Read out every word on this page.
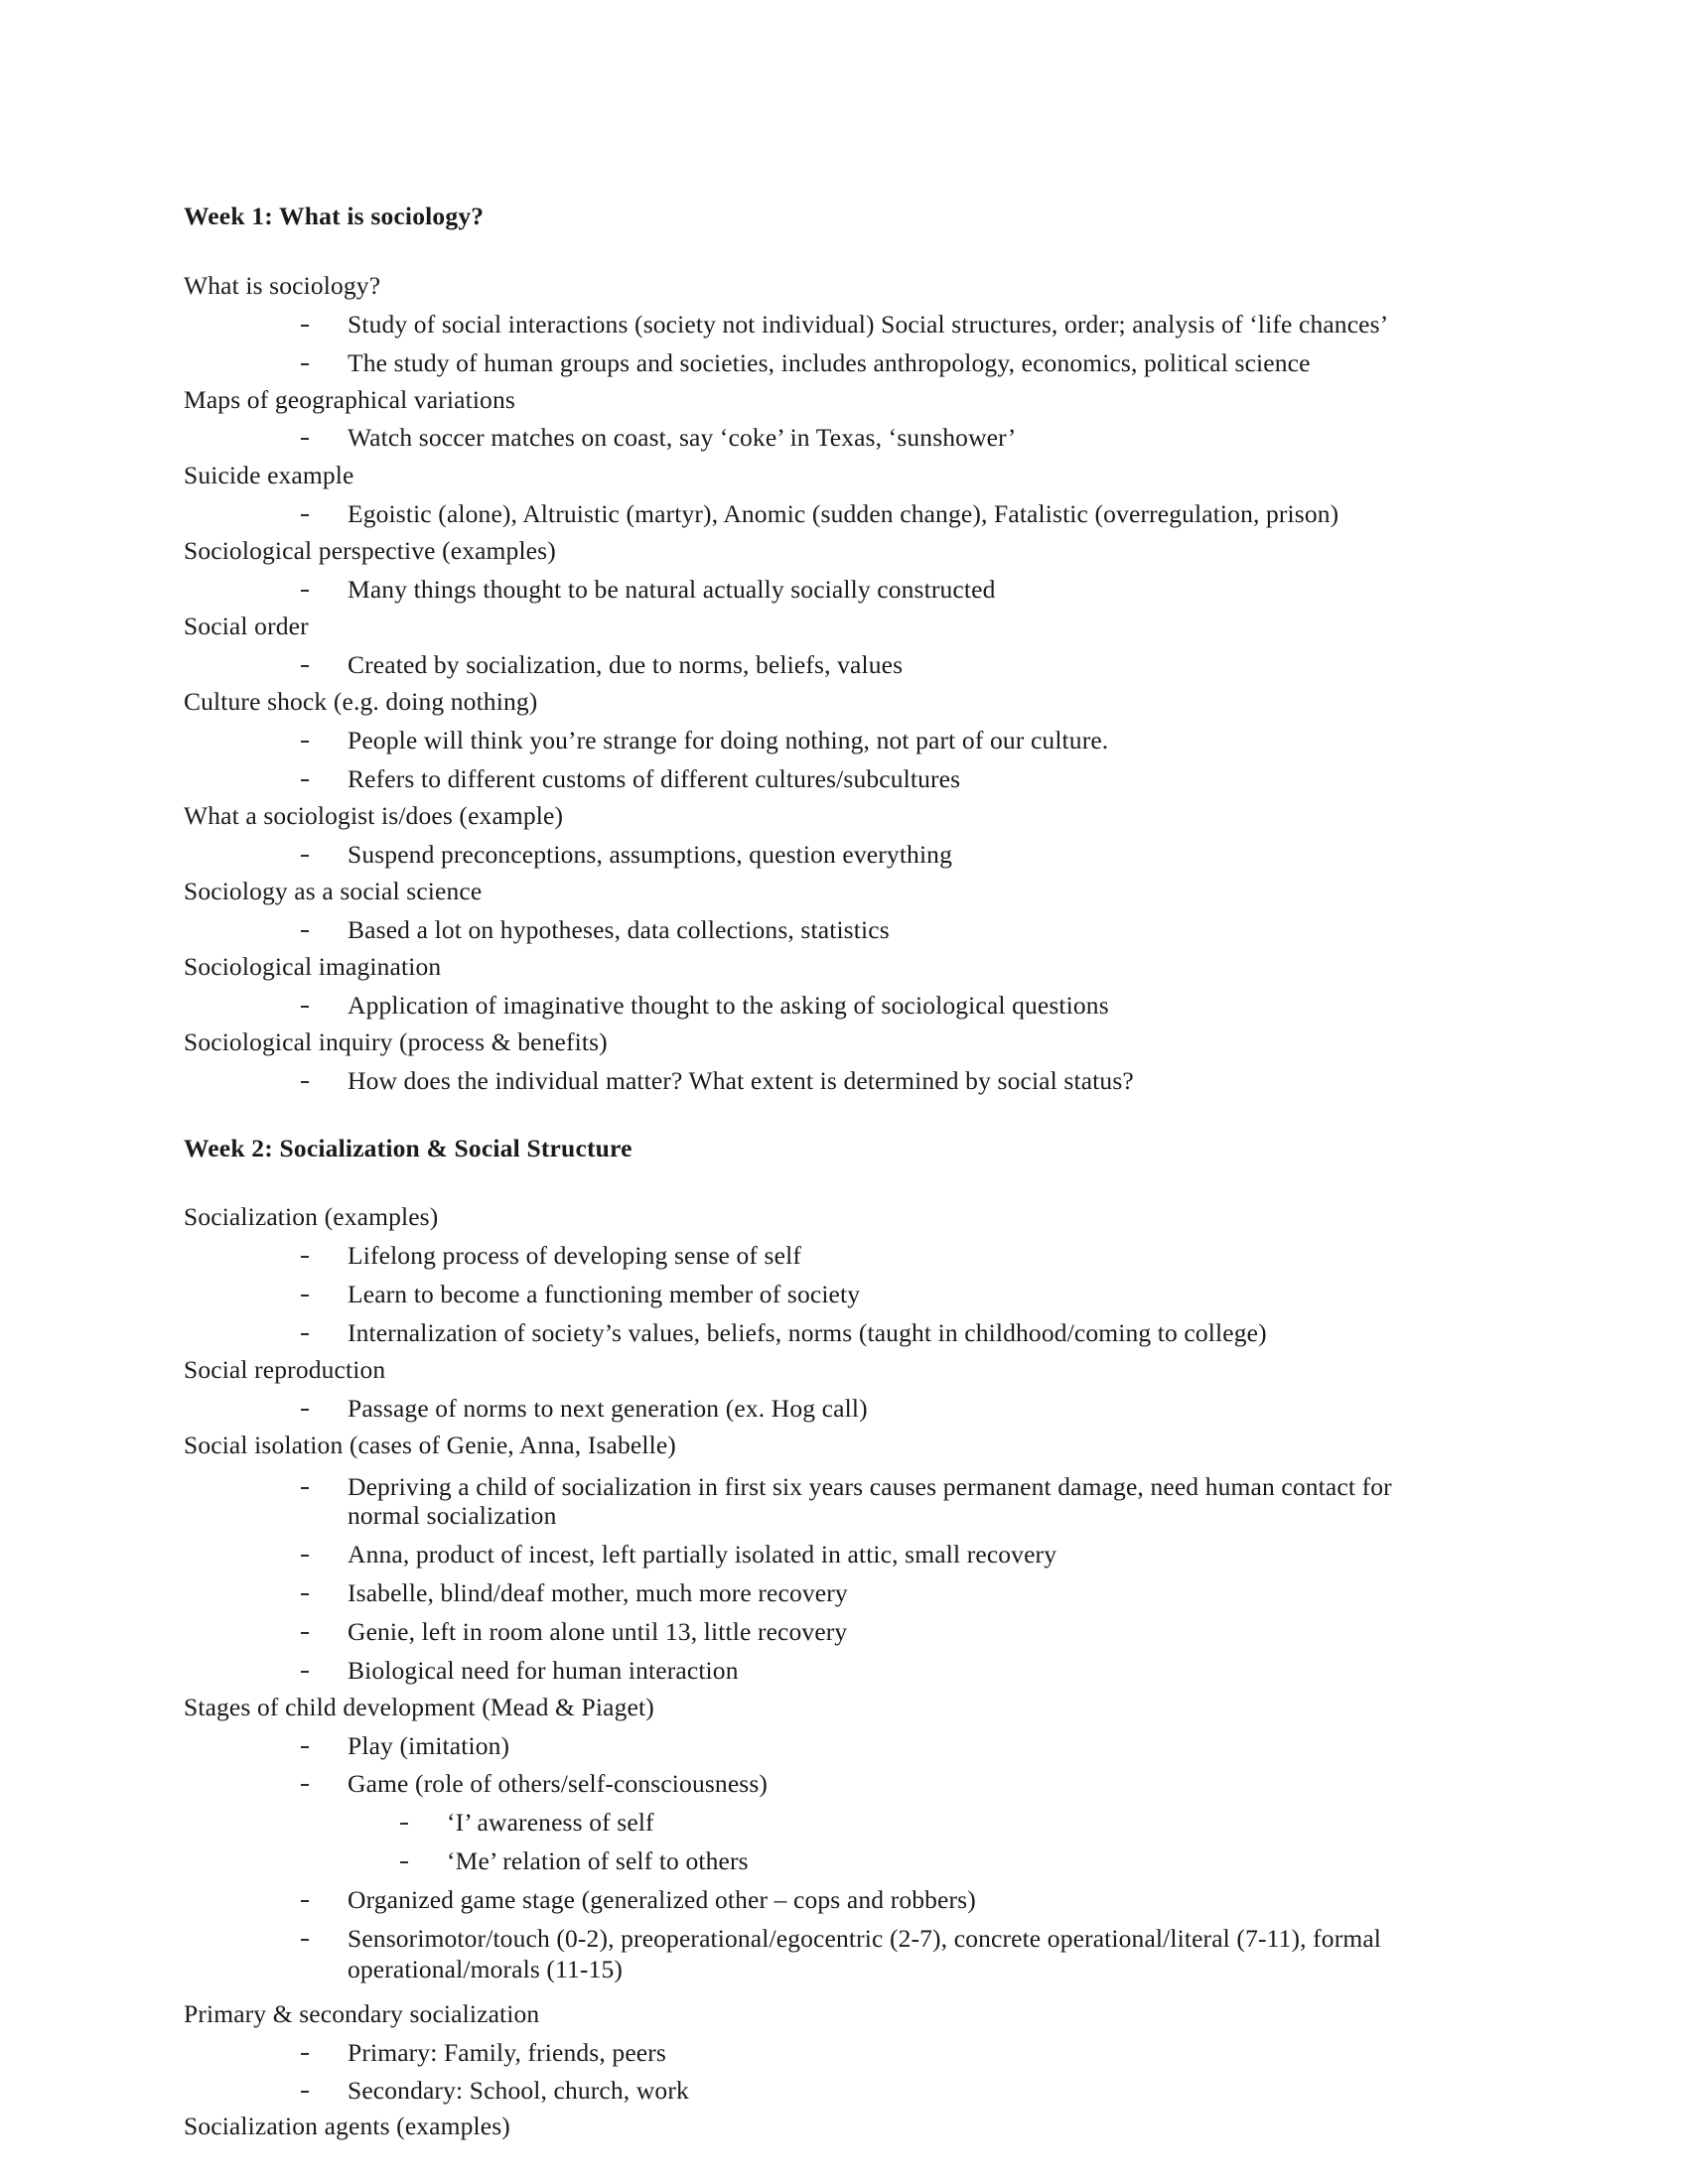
Week 1: What is sociology?
What is sociology?
Study of social interactions (society not individual) Social structures, order; analysis of ‘life chances’
The study of human groups and societies, includes anthropology, economics, political science
Maps of geographical variations
Watch soccer matches on coast, say ‘coke’ in Texas, ‘sunshower’
Suicide example
Egoistic (alone), Altruistic (martyr), Anomic (sudden change), Fatalistic (overregulation, prison)
Sociological perspective (examples)
Many things thought to be natural actually socially constructed
Social order
Created by socialization, due to norms, beliefs, values
Culture shock (e.g. doing nothing)
People will think you’re strange for doing nothing, not part of our culture.
Refers to different customs of different cultures/subcultures
What a sociologist is/does (example)
Suspend preconceptions, assumptions, question everything
Sociology as a social science
Based a lot on hypotheses, data collections, statistics
Sociological imagination
Application of imaginative thought to the asking of sociological questions
Sociological inquiry (process & benefits)
How does the individual matter? What extent is determined by social status?
Week 2: Socialization & Social Structure
Socialization (examples)
Lifelong process of developing sense of self
Learn to become a functioning member of society
Internalization of society’s values, beliefs, norms (taught in childhood/coming to college)
Social reproduction
Passage of norms to next generation (ex. Hog call)
Social isolation (cases of Genie, Anna, Isabelle)
Depriving a child of socialization in first six years causes permanent damage, need human contact for
normal socialization
Anna, product of incest, left partially isolated in attic, small recovery
Isabelle, blind/deaf mother, much more recovery
Genie, left in room alone until 13, little recovery
Biological need for human interaction
Stages of child development (Mead & Piaget)
Play (imitation)
Game (role of others/self-consciousness)
‘I’ awareness of self
‘Me’ relation of self to others
Organized game stage (generalized other – cops and robbers)
Sensorimotor/touch (0-2), preoperational/egocentric (2-7), concrete operational/literal (7-11), formal
operational/morals (11-15)
Primary & secondary socialization
Primary: Family, friends, peers
Secondary: School, church, work
Socialization agents (examples)
